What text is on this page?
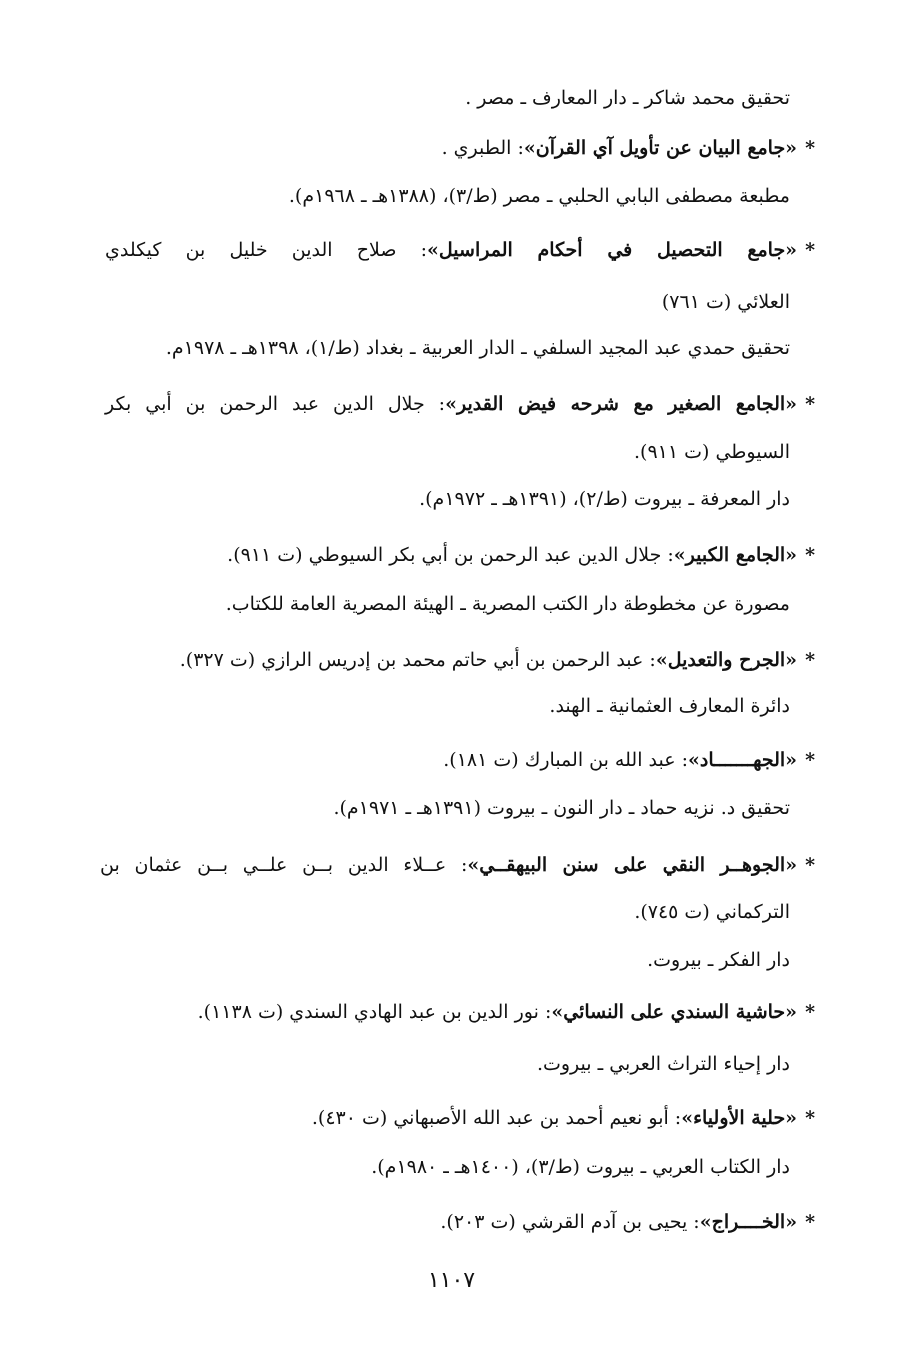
تحقيق محمد شاكر ـ دار المعارف ـ مصر .
*«جامع البيان عن تأويل آي القرآن»: الطبري .
مطبعة مصطفى البابي الحلبي ـ مصر (ط/٣)، (١٣٨٨هـ ـ ١٩٦٨م).
*«جامع التحصيل في أحكام المراسيل»: صلاح الدين خليل بن كيكلدي
العلائي (ت ٧٦١)
تحقيق حمدي عبد المجيد السلفي ـ الدار العربية ـ بغداد (ط/١)، ١٣٩٨هـ ـ ١٩٧٨م.
*«الجامع الصغير مع شرحه فيض القدير»: جلال الدين عبد الرحمن بن أبي بكر
السيوطي (ت ٩١١).
دار المعرفة ـ بيروت (ط/٢)، (١٣٩١هـ ـ ١٩٧٢م).
*«الجامع الكبير»: جلال الدين عبد الرحمن بن أبي بكر السيوطي (ت ٩١١).
مصورة عن مخطوطة دار الكتب المصرية ـ الهيئة المصرية العامة للكتاب.
*«الجرح والتعديل»: عبد الرحمن بن أبي حاتم محمد بن إدريس الرازي (ت ٣٢٧).
دائرة المعارف العثمانية ـ الهند.
*«الجهـــــــاد»: عبد الله بن المبارك (ت ١٨١).
تحقيق د. نزيه حماد ـ دار النون ـ بيروت (١٣٩١هـ ـ ١٩٧١م).
*«الجوهــر النقي على سنن البيهقــي»: عــلاء الدين بــن علــي بــن عثمان بن
التركماني (ت ٧٤٥).
دار الفكر ـ بيروت.
*«حاشية السندي على النسائي»: نور الدين بن عبد الهادي السندي (ت ١١٣٨).
دار إحياء التراث العربي ـ بيروت.
*«حلية الأولياء»: أبو نعيم أحمد بن عبد الله الأصبهاني (ت ٤٣٠).
دار الكتاب العربي ـ بيروت (ط/٣)، (١٤٠٠هـ ـ ١٩٨٠م).
*«الخــــراج»: يحيى بن آدم القرشي (ت ٢٠٣).
١١٠٧
